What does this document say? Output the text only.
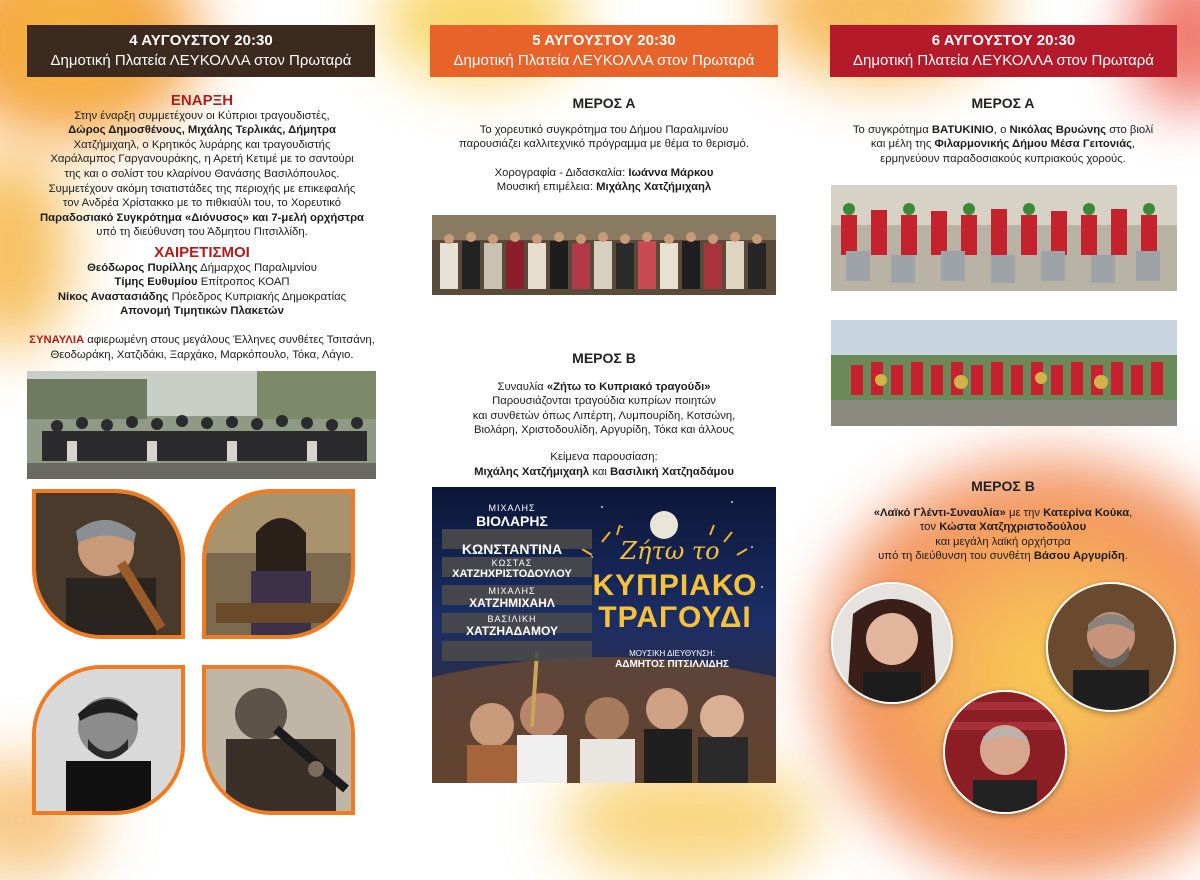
4 ΑΥΓΟΥΣΤΟΥ 20:30
Δημοτική Πλατεία ΛΕΥΚΟΛΛΑ στον Πρωταρά

ΕΝΑΡΞΗ

Στην έναρξη συμμετέχουν οι Κύπριοι τραγουδιστές,

Δώρος Δημοσθένους, Μιχάλης Τερλικάς, Δήμητρα

Χατζήμιχαηλ, ο Κρητικός λυράρης και τραγουδιστής

Χαράλαμπος Γαργανουράκης, η Αρετή Κετιμέ με το σαντούρι

της και ο σολίστ του κλαρίνου Θανάσης Βασιλόπουλος.

Συμμετέχουν ακόμη τσιατιστάδες της περιοχής με επικεφαλής

τον Ανδρέα Χρίστακκο με το πιθκιαύλι του, το Χορευτικό

Παραδοσιακό Συγκρότημα «Διόνυσος» και 7-μελή ορχήστρα

υπό τη διεύθυνση του Άδμητου Πιτσιλλίδη.

ΧΑΙΡΕΤΙΣΜΟΙ

Θεόδωρος Πυρίλλης Δήμαρχος Παραλιμνίου

Τίμης Ευθυμίου Επίτροπος ΚΟΑΠ

Νίκος Αναστασιάδης Πρόεδρος Κυπριακής Δημοκρατίας

Απονομή Τιμητικών Πλακετών

ΣΥΝΑΥΛΙΑ αφιερωμένη στους μεγάλους Έλληνες συνθέτες Τσιτσάνη,

Θεοδωράκη, Χατζιδάκι, Ξαρχάκο, Μαρκόπουλο, Τόκα, Λάγιο.

5 ΑΥΓΟΥΣΤΟΥ 20:30
Δημοτική Πλατεία ΛΕΥΚΟΛΛΑ στον Πρωταρά

ΜΕΡΟΣ Α

Το χορευτικό συγκρότημα του Δήμου Παραλιμνίου

παρουσιάζει καλλιτεχνικό πρόγραμμα με θέμα το θερισμό.

Χορογραφία - Διδασκαλία: Ιωάννα Μάρκου

Μουσική επιμέλεια: Μιχάλης Χατζήμιχαηλ

ΜΕΡΟΣ Β

Συναυλία «Ζήτω το Κυπριακό τραγούδι»

Παρουσιάζονται τραγούδια κυπρίων ποιητών

και συνθετών όπως Λιπέρτη, Λυμπουρίδη, Κοτσώνη,

Βιολάρη, Χριστοδουλίδη, Αργυρίδη, Τόκα και άλλους

Κείμενα παρουσίαση:

Μιχάλης Χατζήμιχαηλ και Βασιλική Χατζηαδάμου

ΜΙΧΑΛΗΣ
ΒΙΟΛΑΡΗΣ
ΚΩΝΣΤΑΝΤΙΝΑ
ΚΩΣΤΑΣ
ΧΑΤΖΗΧΡΙΣΤΟΔΟΥΛΟΥ
ΜΙΧΑΛΗΣ
ΧΑΤΖΗΜΙΧΑΗΛ
ΒΑΣΙΛΙΚΗ
ΧΑΤΖΗΑΔΑΜΟΥ
Ζήτω το
ΚΥΠΡΙΑΚΟ
ΤΡΑΓΟΥΔΙ
ΜΟΥΣΙΚΗ ΔΙΕΥΘΥΝΣΗ:
ΑΔΜΗΤΟΣ ΠΙΤΣΙΛΛΙΔΗΣ
6 ΑΥΓΟΥΣΤΟΥ 20:30
Δημοτική Πλατεία ΛΕΥΚΟΛΛΑ στον Πρωταρά

ΜΕΡΟΣ Α

Το συγκρότημα BATUKINIO, ο Νικόλας Βρυώνης στο βιολί

και μέλη της Φιλαρμονικής Δήμου Μέσα Γειτονιάς,

ερμηνεύουν παραδοσιακούς κυπριακούς χορούς.

ΜΕΡΟΣ Β

«Λαϊκό Γλέντι-Συναυλία» με την Κατερίνα Κούκα,

τον Κώστα Χατζηχριστοδούλου

και μεγάλη λαϊκή ορχήστρα

υπό τη διεύθυνση του συνθέτη Βάσου Αργυρίδη.
